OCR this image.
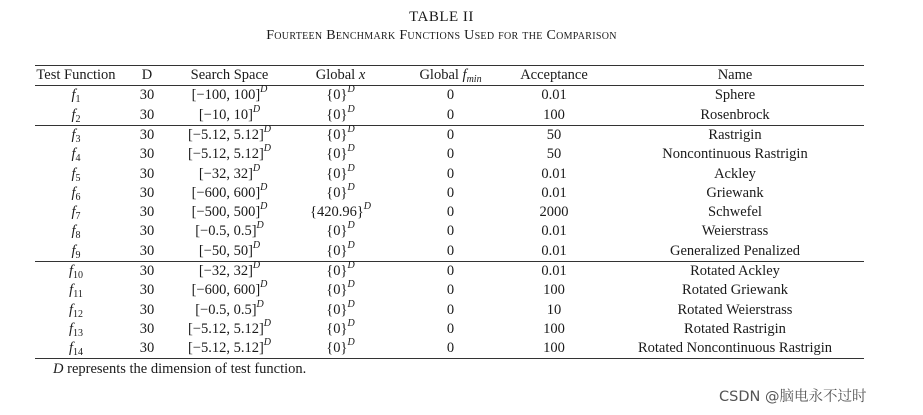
TABLE II
Fourteen Benchmark Functions Used for the Comparison
Test Function	D	Search Space	Global x	Global $f_{min}$	Acceptance	Name
$f_1$	30	[−100, 100]$^D$	$\{0\}^D$	0	0.01	Sphere
$f_2$	30	[−10, 10]$^D$	$\{0\}^D$	0	100	Rosenbrock
$f_3$	30	[−5.12, 5.12]$^D$	$\{0\}^D$	0	50	Rastrigin
$f_4$	30	[−5.12, 5.12]$^D$	$\{0\}^D$	0	50	Noncontinuous Rastrigin
$f_5$	30	[−32, 32]$^D$	$\{0\}^D$	0	0.01	Ackley
$f_6$	30	[−600, 600]$^D$	$\{0\}^D$	0	0.01	Griewank
$f_7$	30	[−500, 500]$^D$	$\{420.96\}^D$	0	2000	Schwefel
$f_8$	30	[−0.5, 0.5]$^D$	$\{0\}^D$	0	0.01	Weierstrass
$f_9$	30	[−50, 50]$^D$	$\{0\}^D$	0	0.01	Generalized Penalized
$f_{10}$	30	[−32, 32]$^D$	$\{0\}^D$	0	0.01	Rotated Ackley
$f_{11}$	30	[−600, 600]$^D$	$\{0\}^D$	0	100	Rotated Griewank
$f_{12}$	30	[−0.5, 0.5]$^D$	$\{0\}^D$	0	10	Rotated Weierstrass
$f_{13}$	30	[−5.12, 5.12]$^D$	$\{0\}^D$	0	100	Rotated Rastrigin
$f_{14}$	30	[−5.12, 5.12]$^D$	$\{0\}^D$	0	100	Rotated Noncontinuous Rastrigin
D represents the dimension of test function.
CSDN @脑电永不过时
